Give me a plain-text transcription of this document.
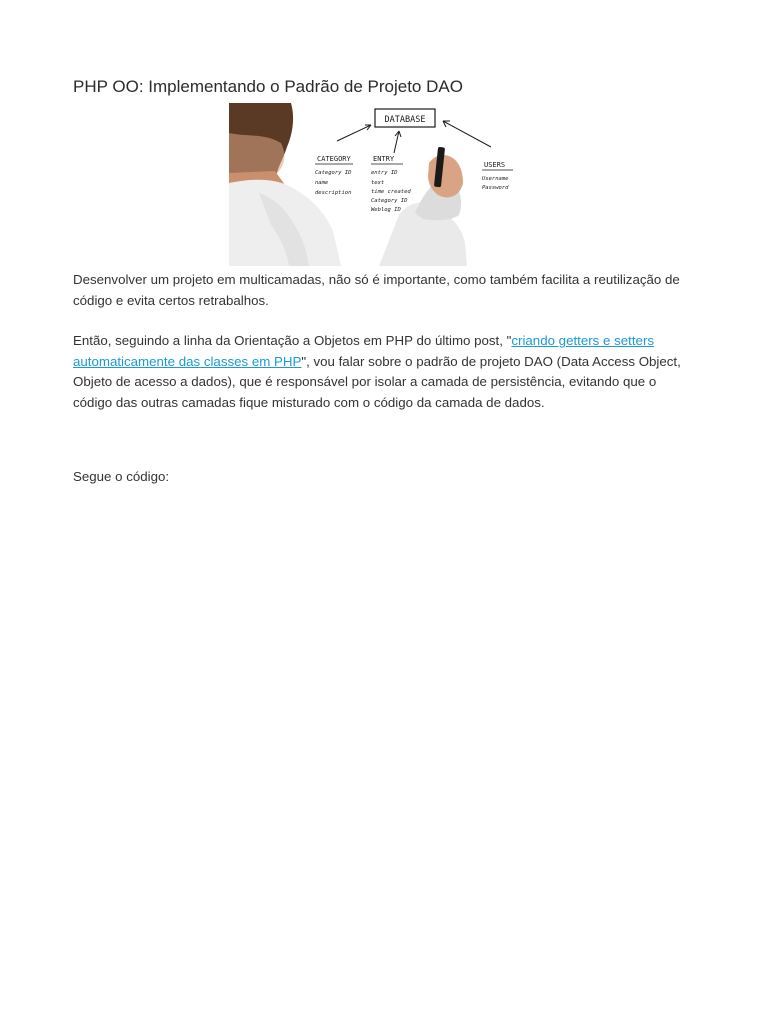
PHP OO: Implementando o Padrão de Projeto DAO
DATABASE
CATEGORY
Category ID
name
description
ENTRY
entry ID
text
time created
Category ID
Weblog ID
USERS
Username
Password

Desenvolver um projeto em multicamadas, não só é importante, como também facilita a reutilização de código e evita certos retrabalhos.

Então, seguindo a linha da Orientação a Objetos em PHP do último post, "criando getters e setters automaticamente das classes em PHP", vou falar sobre o padrão de projeto DAO (Data Access Object, Objeto de acesso a dados), que é responsável por isolar a camada de persistência, evitando que o código das outras camadas fique misturado com o código da camada de dados.

Segue o código:
